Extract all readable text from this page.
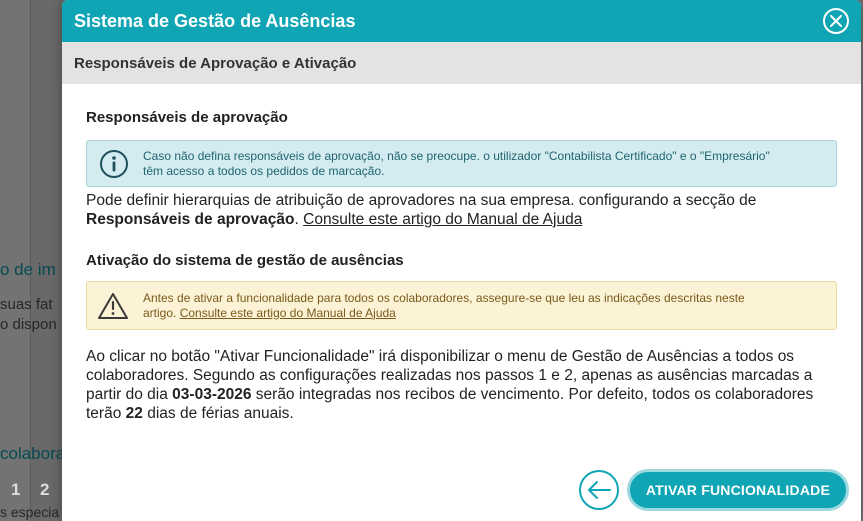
1 2
Sistema de Gestão de Ausências
Responsáveis de Aprovação e Ativação
Responsáveis de aprovação
Caso não defina responsáveis de aprovação, não se preocupe. o utilizador "Contabilista Certificado" e o "Empresário"
têm acesso a todos os pedidos de marcação.
Pode definir hierarquias de atribuição de aprovadores na sua empresa. configurando a secção de
Responsáveis de aprovação. Consulte este artigo do Manual de Ajuda
Ativação do sistema de gestão de ausências
Antes de ativar a funcionalidade para todos os colaboradores, assegure-se que leu as indicações descritas neste
artigo. Consulte este artigo do Manual de Ajuda
Ao clicar no botão "Ativar Funcionalidade" irá disponibilizar o menu de Gestão de Ausências a todos os colaboradores. Segundo as configurações realizadas nos passos 1 e 2, apenas as ausências marcadas a partir do dia 03-03-2026 serão integradas nos recibos de vencimento. Por defeito, todos os colaboradores terão 22 dias de férias anuais.
ATIVAR FUNCIONALIDADE
